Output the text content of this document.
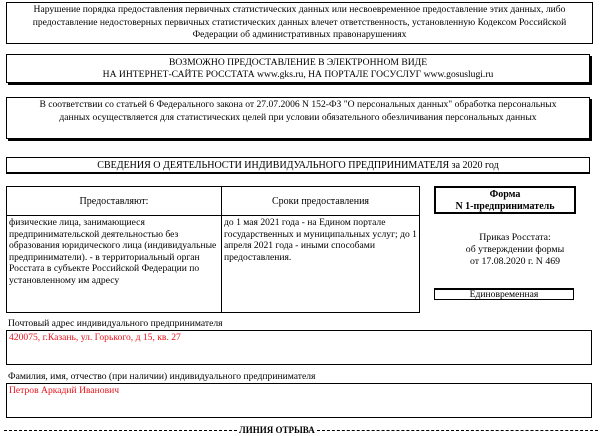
Нарушение порядка предоставления первичных статистических данных или несвоевременное предоставление этих данных, либо предоставление недостоверных первичных статистических данных влечет ответственность, установленную Кодексом Российской Федерации об административных правонарушениях
ВОЗМОЖНО ПРЕДОСТАВЛЕНИЕ В ЭЛЕКТРОННОМ ВИДЕ
НА ИНТЕРНЕТ-САЙТЕ РОССТАТА www.gks.ru, НА ПОРТАЛЕ ГОСУСЛУГ www.gosuslugi.ru
В соответствии со статьей 6 Федерального закона от 27.07.2006 N 152-ФЗ "О персональных данных" обработка персональных данных осуществляется для статистических целей при условии обязательного обезличивания персональных данных
СВЕДЕНИЯ О ДЕЯТЕЛЬНОСТИ ИНДИВИДУАЛЬНОГО ПРЕДПРИНИМАТЕЛЯ за 2020 год
Предоставляют:	Сроки предоставления
Форма
N 1-предприниматель
физические лица, занимающиеся предпринимательской деятельностью без образования юридического лица (индивидуальные предприниматели). - в территориальный орган Росстата в субъекте Российской Федерации по установленному им адресу
до 1 мая 2021 года - на Едином портале государственных и муниципальных услуг; до 1 апреля 2021 года - иными способами предоставления.
Приказ Росстата:
об утверждении формы
от 17.08.2020 г. N 469
Единовременная
Почтовый адрес индивидуального предпринимателя
420075, г.Казань, ул. Горького, д 15, кв. 27
Фамилия, имя, отчество (при наличии) индивидуального предпринимателя
Петров Аркадий Иванович
ЛИНИЯ ОТРЫВА
